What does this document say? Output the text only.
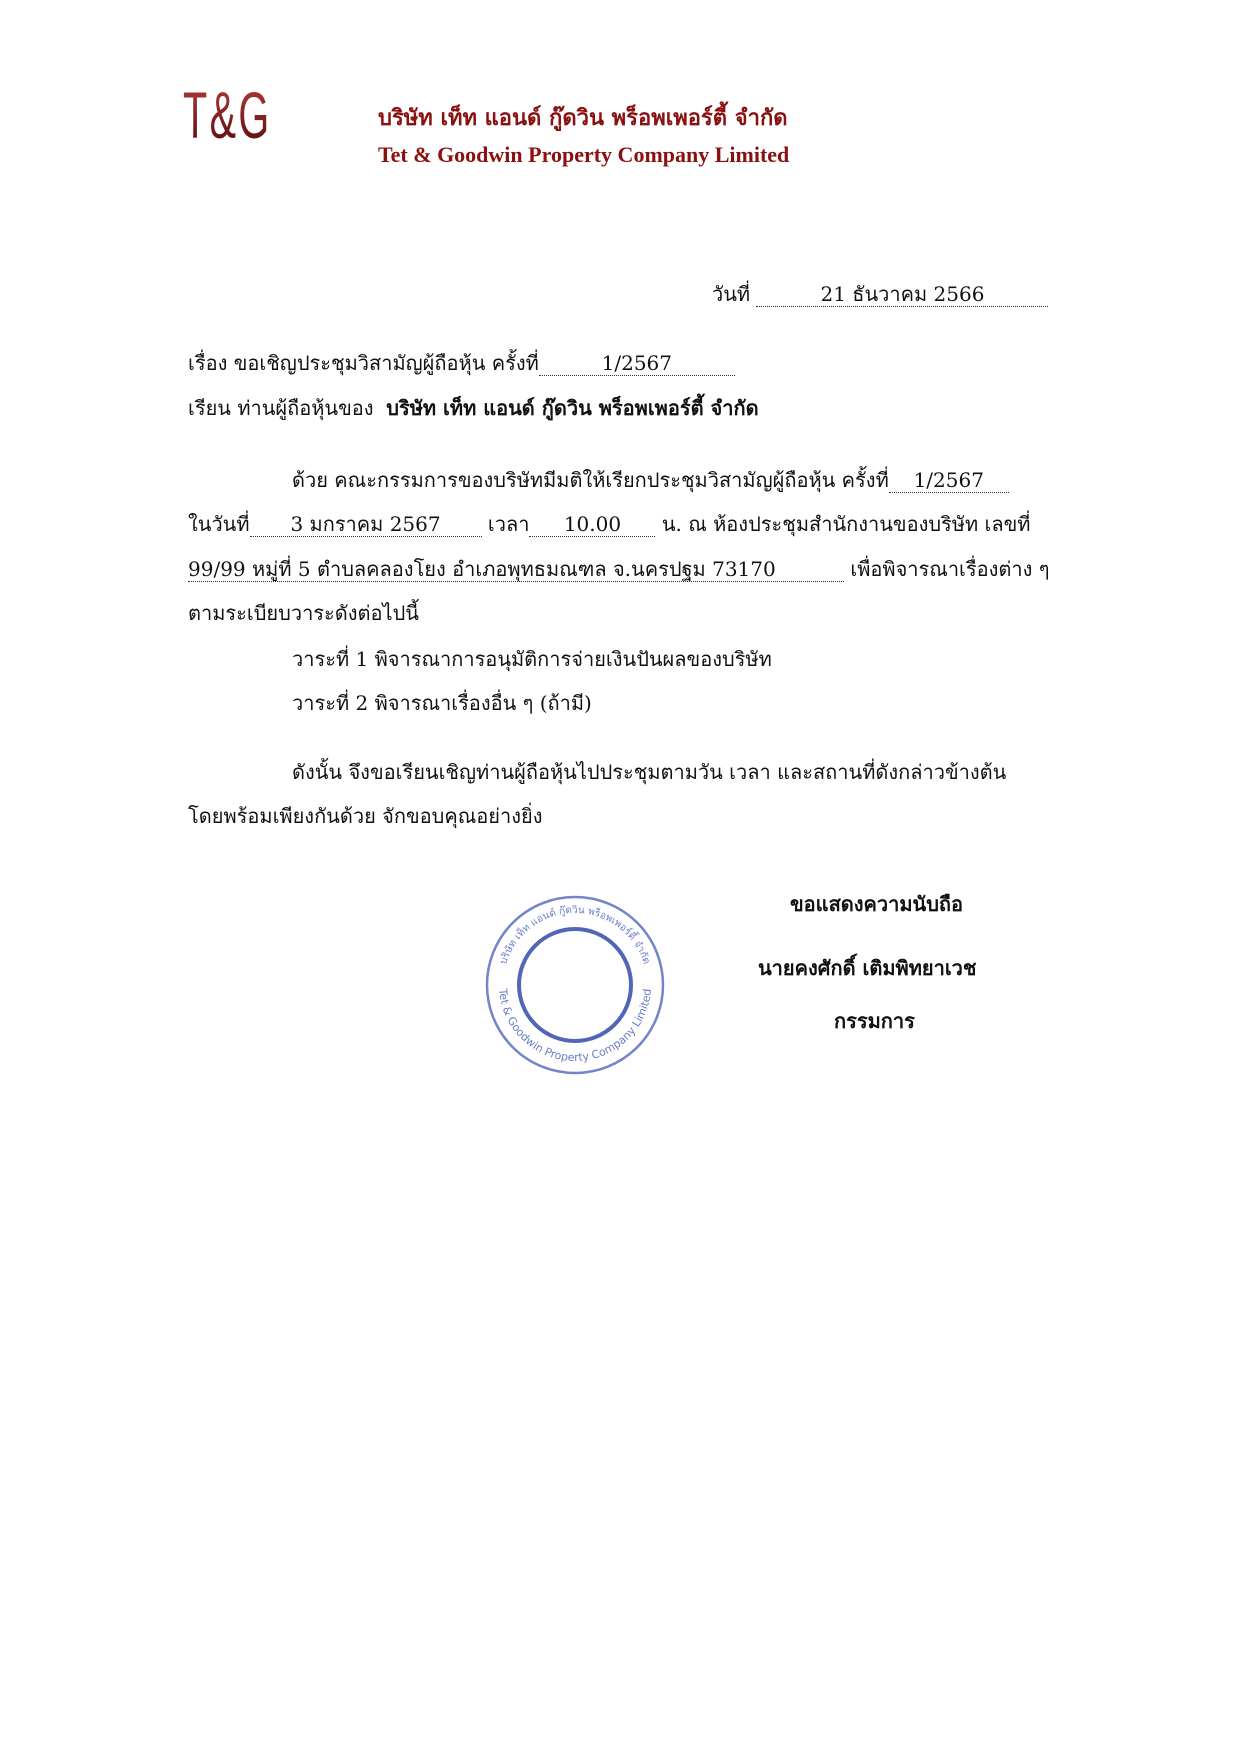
T&G	บริษัท เท็ท แอนด์ กู๊ดวิน พร็อพเพอร์ตี้ จำกัด
Tet & Goodwin Property Company Limited
วันที่	21 ธันวาคม 2566
เรื่อง ขอเชิญประชุมวิสามัญผู้ถือหุ้น ครั้งที่	1/2567
เรียน ท่านผู้ถือหุ้นของ บริษัท เท็ท แอนด์ กู๊ดวิน พร็อพเพอร์ตี้ จำกัด
ด้วย คณะกรรมการของบริษัทมีมติให้เรียกประชุมวิสามัญผู้ถือหุ้น ครั้งที่ 1/2567
ในวันที่ 3 มกราคม 2567 เวลา 10.00 น. ณ ห้องประชุมสำนักงานของบริษัท เลขที่
99/99 หมู่ที่ 5 ตำบลคลองโยง อำเภอพุทธมณฑล จ.นครปฐม 73170	เพื่อพิจารณาเรื่องต่าง ๆ
ตามระเบียบวาระดังต่อไปนี้
วาระที่ 1 พิจารณาการอนุมัติการจ่ายเงินปันผลของบริษัท
วาระที่ 2 พิจารณาเรื่องอื่น ๆ (ถ้ามี)
ดังนั้น จึงขอเรียนเชิญท่านผู้ถือหุ้นไปประชุมตามวัน เวลา และสถานที่ดังกล่าวข้างต้น
โดยพร้อมเพียงกันด้วย จักขอบคุณอย่างยิ่ง
บริษัท เท็ท แอนด์ กู๊ดวิน พร็อพเพอร์ตี้ จำกัด
Tet & Goodwin Property Company Limited
ขอแสดงความนับถือ
นายคงศักดิ์ เติมพิทยาเวช
กรรมการ
